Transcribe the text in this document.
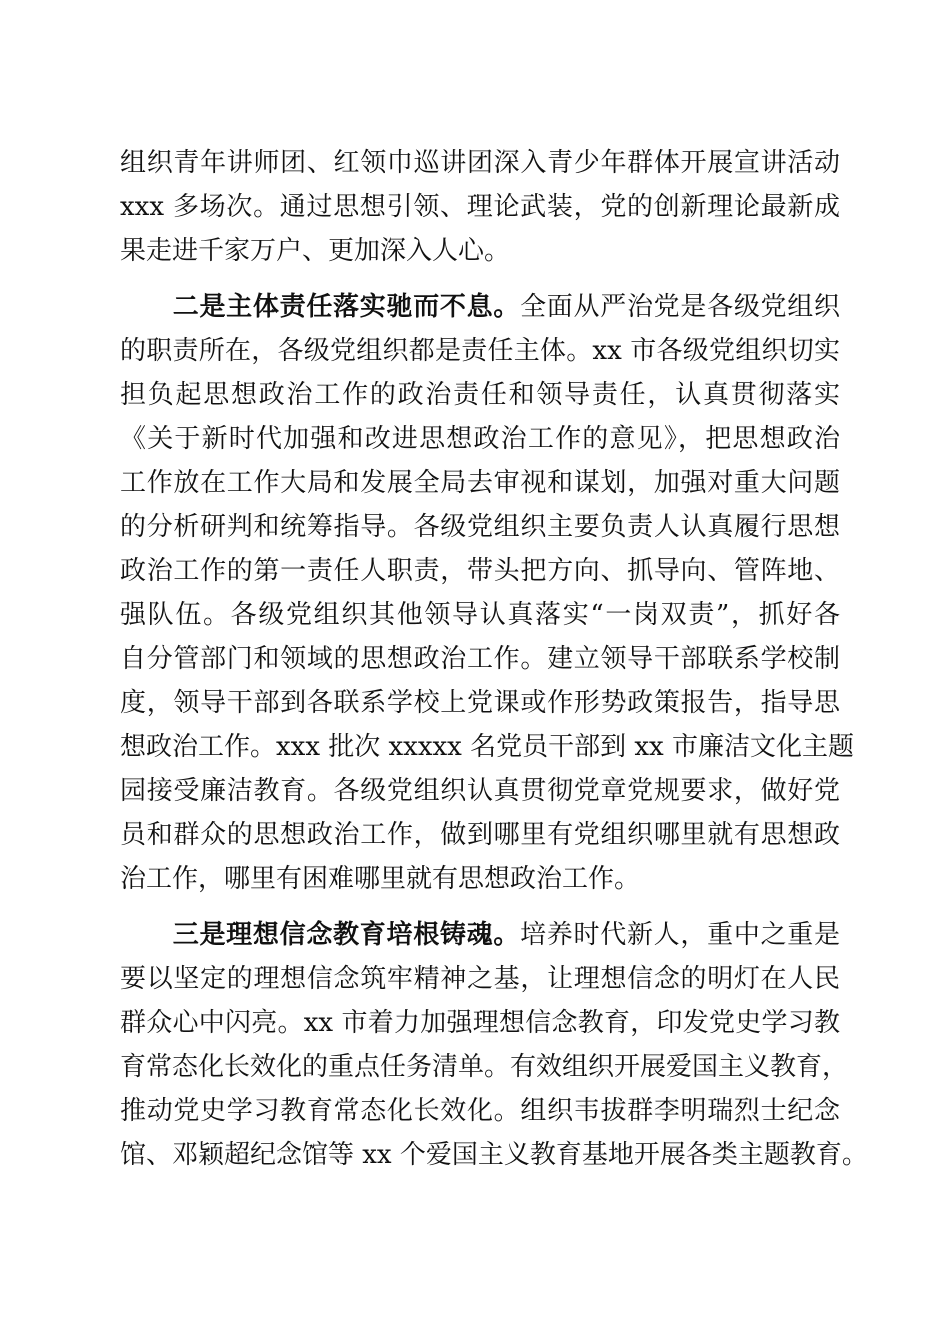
组织青年讲师团、红领巾巡讲团深入青少年群体开展宣讲活动
xxx 多场次。通过思想引领、理论武装，党的创新理论最新成
果走进千家万户、更加深入人心。
二是主体责任落实驰而不息。全面从严治党是各级党组织
的职责所在，各级党组织都是责任主体。xx 市各级党组织切实
担负起思想政治工作的政治责任和领导责任，认真贯彻落实
《关于新时代加强和改进思想政治工作的意见》，把思想政治
工作放在工作大局和发展全局去审视和谋划，加强对重大问题
的分析研判和统筹指导。各级党组织主要负责人认真履行思想
政治工作的第一责任人职责，带头把方向、抓导向、管阵地、
强队伍。各级党组织其他领导认真落实“一岗双责”，抓好各
自分管部门和领域的思想政治工作。建立领导干部联系学校制
度，领导干部到各联系学校上党课或作形势政策报告，指导思
想政治工作。xxx 批次 xxxxx 名党员干部到 xx 市廉洁文化主题
园接受廉洁教育。各级党组织认真贯彻党章党规要求，做好党
员和群众的思想政治工作，做到哪里有党组织哪里就有思想政
治工作，哪里有困难哪里就有思想政治工作。
三是理想信念教育培根铸魂。培养时代新人，重中之重是
要以坚定的理想信念筑牢精神之基，让理想信念的明灯在人民
群众心中闪亮。xx 市着力加强理想信念教育，印发党史学习教
育常态化长效化的重点任务清单。有效组织开展爱国主义教育，
推动党史学习教育常态化长效化。组织韦拔群李明瑞烈士纪念
馆、邓颖超纪念馆等 xx 个爱国主义教育基地开展各类主题教育。
